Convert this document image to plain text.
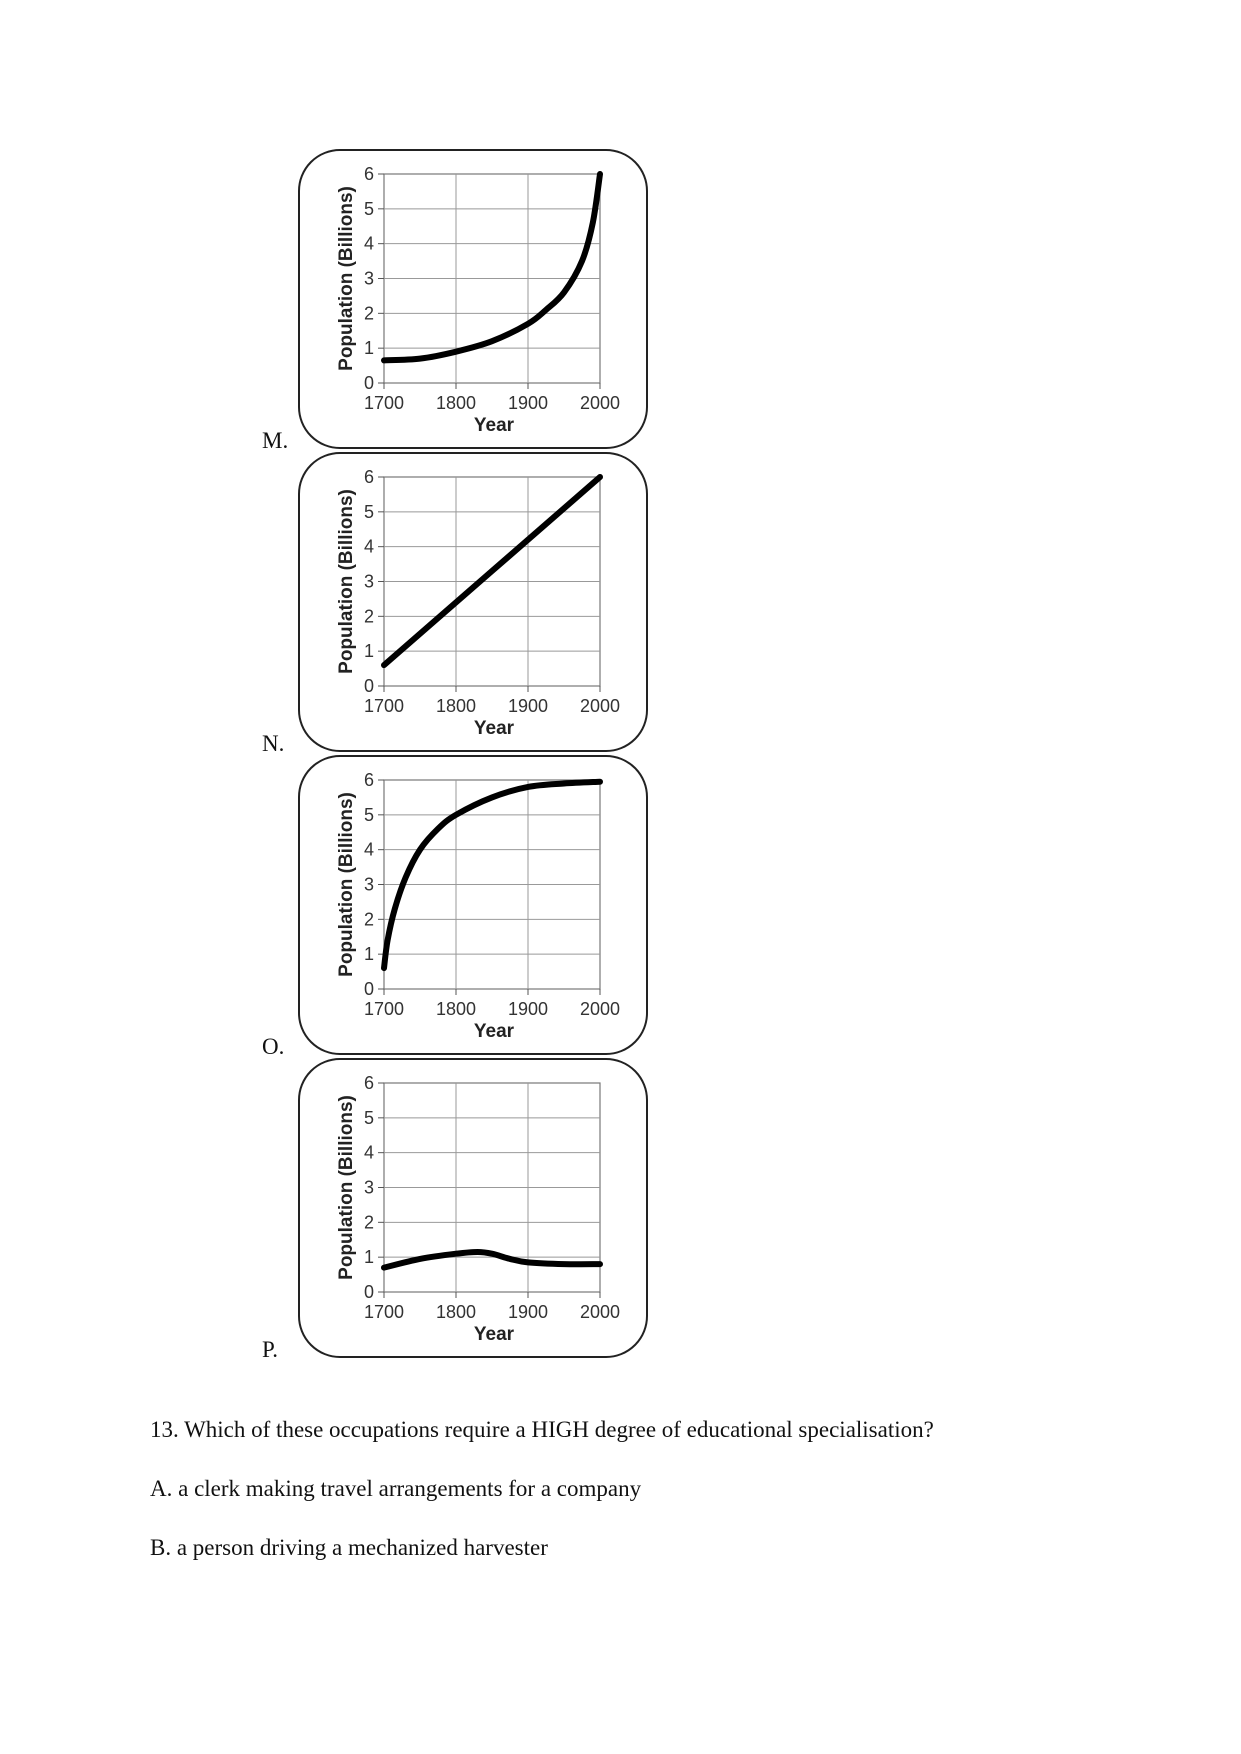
0
1
2
3
4
5
6
1700 1800 1900 2000
Year
Population (Billions)
M.
0
1
2
3
4
5
6
1700 1800 1900 2000
Year
Population (Billions)
N.
0
1
2
3
4
5
6
1700 1800 1900 2000
Year
Population (Billions)
O.
0
1
2
3
4
5
6
1700 1800 1900 2000
Year
Population (Billions)
P.
13. Which of these occupations require a HIGH degree of educational specialisation?
A. a clerk making travel arrangements for a company
B. a person driving a mechanized harvester
